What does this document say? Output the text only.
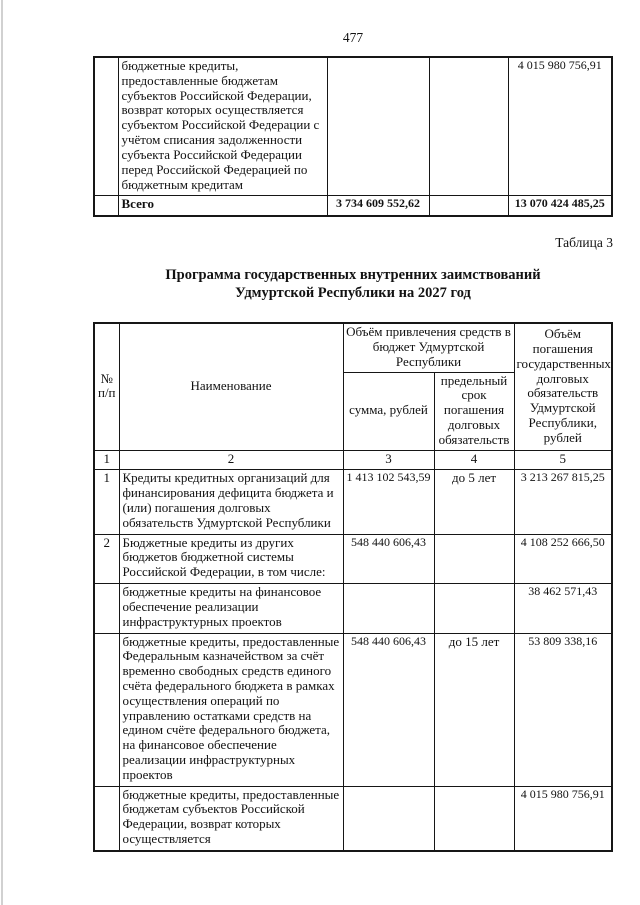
477
	бюджетные кредиты, предоставленные бюджетам субъектов Российской Федерации, возврат которых осуществляется субъектом Российской Федерации с учётом списания задолженности субъекта Российской Федерации перед Российской Федерацией по бюджетным кредитам			4 015 980 756,91
	Всего	3 734 609 552,62		13 070 424 485,25
Таблица 3
Программа государственных внутренних заимствований
Удмуртской Республики на 2027 год
№ п/п	Наименование	Объём привлечения средств в бюджет Удмуртской Республики		Объём погашения государственных долговых обязательств Удмуртской Республики, рублей
		сумма, рублей	предельный срок погашения долговых обязательств	
1	2	3	4	5
1	Кредиты кредитных организаций для финансирования дефицита бюджета и (или) погашения долговых обязательств Удмуртской Республики	1 413 102 543,59	до 5 лет	3 213 267 815,25
2	Бюджетные кредиты из других бюджетов бюджетной системы Российской Федерации, в том числе:	548 440 606,43		4 108 252 666,50
	бюджетные кредиты на финансовое обеспечение реализации инфраструктурных проектов			38 462 571,43
	бюджетные кредиты, предоставленные Федеральным казначейством за счёт временно свободных средств единого счёта федерального бюджета в рамках осуществления операций по управлению остатками средств на едином счёте федерального бюджета, на финансовое обеспечение реализации инфраструктурных проектов	548 440 606,43	до 15 лет	53 809 338,16
	бюджетные кредиты, предоставленные бюджетам субъектов Российской Федерации, возврат которых осуществляется			4 015 980 756,91
